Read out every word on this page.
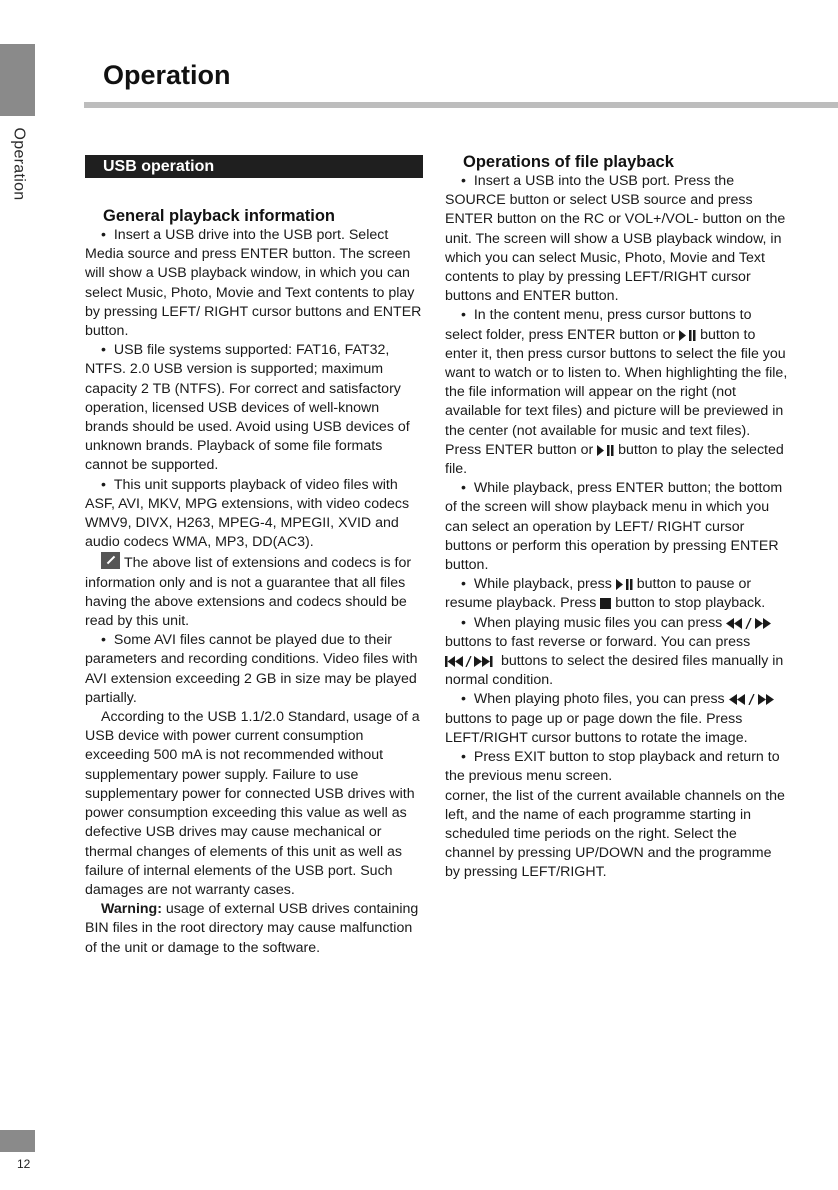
Operation
Operation
USB operation
General playback information

•  Insert a USB drive into the USB port. Select Media source and press ENTER button. The screen will show a USB playback window, in which you can select Music, Photo, Movie and Text contents to play by pressing LEFT/ RIGHT cursor buttons and ENTER button.

•  USB file systems supported: FAT16, FAT32, NTFS. 2.0 USB version is supported; maximum capacity 2 TB (NTFS). For correct and satisfactory operation, licensed USB devices of well-known brands should be used. Avoid using USB devices of unknown brands. Playback of some file formats cannot be supported.

•  This unit supports playback of video files with ASF, AVI, MKV, MPG extensions, with video codecs WMV9, DIVX, H263, MPEG-4, MPEGII, XVID and audio codecs WMA, MP3, DD(AC3).

The above list of extensions and codecs is for information only and is not a guarantee that all files having the above extensions and codecs should be read by this unit.

•  Some AVI files cannot be played due to their parameters and recording conditions. Video files with AVI extension exceeding 2 GB in size may be played partially.

According to the USB 1.1/2.0 Standard, usage of a USB device with power current consumption exceeding 500 mA is not recommended without supplementary power supply. Failure to use supplementary power for connected USB drives with power consumption exceeding this value as well as defective USB drives may cause mechanical or thermal changes of elements of this unit as well as failure of internal elements of the USB port. Such damages are not warranty cases.

Warning: usage of external USB drives containing BIN files in the root directory may cause malfunction of the unit or damage to the software.

Operations of file playback

•  Insert a USB into the USB port. Press the SOURCE button or select USB source and press ENTER button on the RC or VOL+/VOL- button on the unit. The screen will show a USB playback window, in which you can select Music, Photo, Movie and Text contents to play by pressing LEFT/RIGHT cursor buttons and ENTER button.

•  In the content menu, press cursor buttons to select folder, press ENTER button or  button to enter it, then press cursor buttons to select the file you want to watch or to listen to. When highlighting the file, the file information will appear on the right (not available for text files) and picture will be previewed in the center (not available for music and text files). Press ENTER button or  button to play the selected file.

•  While playback, press ENTER button; the bottom of the screen will show playback menu in which you can select an operation by LEFT/ RIGHT cursor buttons or perform this operation by pressing ENTER button.

•  While playback, press  button to pause or resume playback. Press  button to stop playback.

•  When playing music files you can press  buttons to fast reverse or forward. You can press  buttons to select the desired files manually in normal condition.

•  When playing photo files, you can press  buttons to page up or page down the file. Press LEFT/RIGHT cursor buttons to rotate the image.

•  Press EXIT button to stop playback and return to the previous menu screen.

corner, the list of the current available channels on the left, and the name of each programme starting in scheduled time periods on the right. Select the channel by pressing UP/DOWN and the programme by pressing LEFT/RIGHT.

12
